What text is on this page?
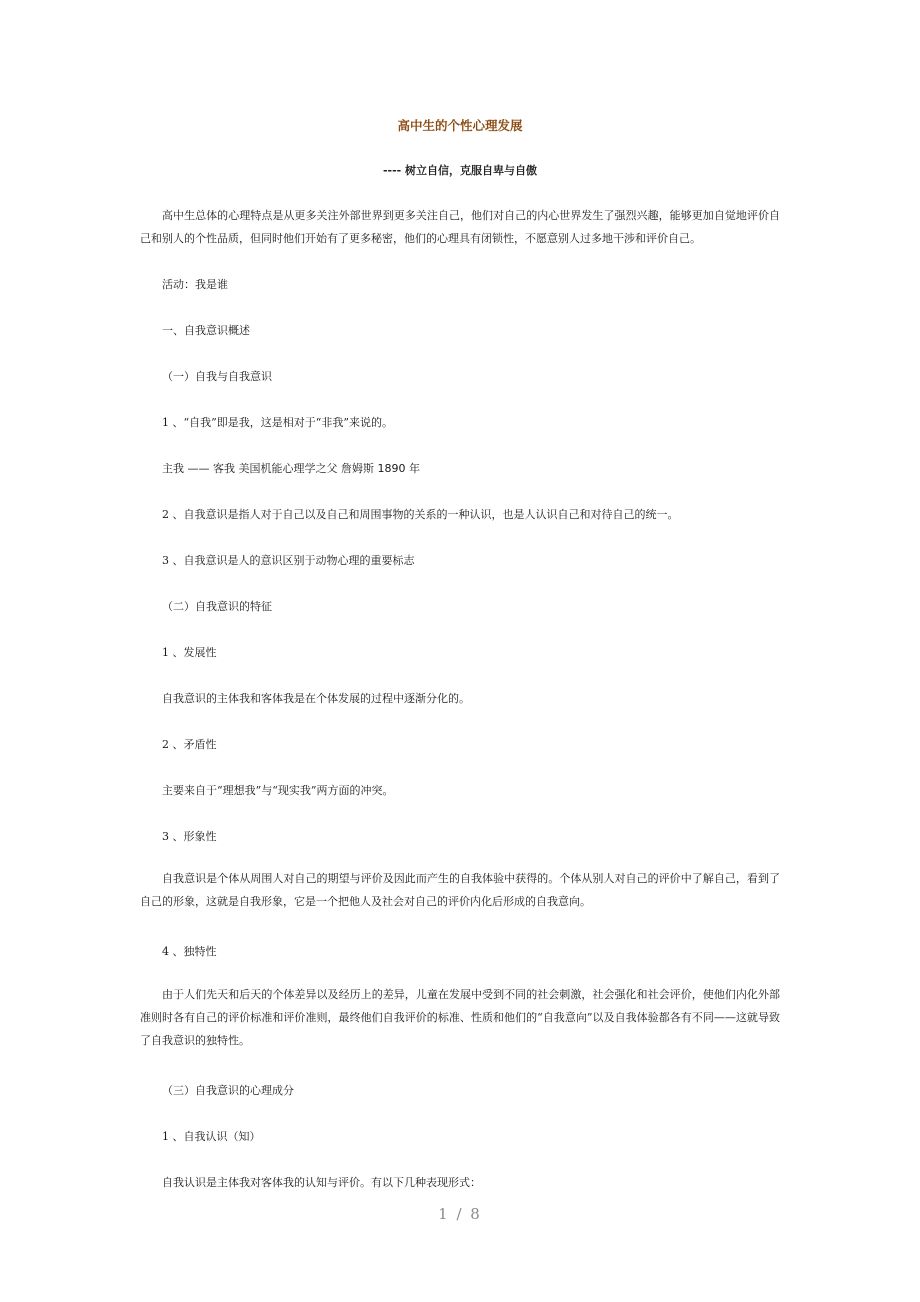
高中生的个性心理发展
---- 树立自信，克服自卑与自傲

高中生总体的心理特点是从更多关注外部世界到更多关注自己，他们对自己的内心世界发生了强烈兴趣，能够更加自觉地评价自己和别人的个性品质，但同时他们开始有了更多秘密，他们的心理具有闭锁性，不愿意别人过多地干涉和评价自己。

活动：我是谁
一、自我意识概述
（一）自我与自我意识
1 、“自我”即是我，这是相对于“非我”来说的。
主我 —— 客我 美国机能心理学之父 詹姆斯 1890 年
2 、自我意识是指人对于自己以及自己和周围事物的关系的一种认识，也是人认识自己和对待自己的统一。
3 、自我意识是人的意识区别于动物心理的重要标志
（二）自我意识的特征
1 、发展性
自我意识的主体我和客体我是在个体发展的过程中逐渐分化的。
2 、矛盾性
主要来自于“理想我”与“现实我”两方面的冲突。
3 、形象性

自我意识是个体从周围人对自己的期望与评价及因此而产生的自我体验中获得的。个体从别人对自己的评价中了解自己，看到了自己的形象，这就是自我形象，它是一个把他人及社会对自己的评价内化后形成的自我意向。

4 、独特性

由于人们先天和后天的个体差异以及经历上的差异，儿童在发展中受到不同的社会刺激，社会强化和社会评价，使他们内化外部准则时各有自己的评价标准和评价准则，最终他们自我评价的标准、性质和他们的“自我意向”以及自我体验都各有不同——这就导致了自我意识的独特性。

（三）自我意识的心理成分
1 、自我认识（知）
自我认识是主体我对客体我的认知与评价。有以下几种表现形式：
1 / 8
